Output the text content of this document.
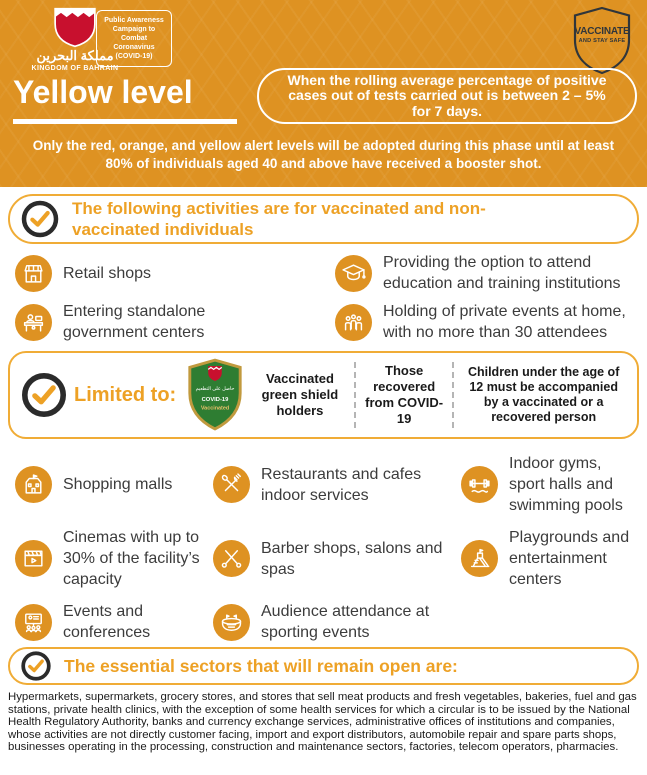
مملكة البحرين
KINGDOM OF BAHRAIN
Public Awareness Campaign to Combat Coronavirus (COVID-19)
VACCINATE
AND STAY SAFE
Yellow level	When the rolling average percentage of positive cases out of tests carried out is between 2 – 5% for 7 days.
Only the red, orange, and yellow alert levels will be adopted during this phase until at least 80% of individuals aged 40 and above have received a booster shot.
The following activities are for vaccinated and non-vaccinated individuals
Retail shops
Providing the option to attend education and training institutions
Entering standalone government centers
Holding of private events at home, with no more than 30 attendees
Limited to:	حاصل على التطعيم
COVID-19
Vaccinated
Vaccinated green shield holders
Those recovered from COVID-19
Children under the age of 12 must be accompanied by a vaccinated or a recovered person
Shopping malls
Restaurants and cafes indoor services
Indoor gyms, sport halls and swimming pools
Cinemas with up to 30% of the facility’s capacity
Barber shops, salons and spas
Playgrounds and entertainment centers
Events and conferences
Audience attendance at sporting events
The essential sectors that will remain open are:

Hypermarkets, supermarkets, grocery stores, and stores that sell meat products and fresh vegetables, bakeries, fuel and gas stations, private health clinics, with the exception of some health services for which a circular is to be issued by the National Health Regulatory Authority, banks and currency exchange services, administrative offices of institutions and companies, whose activities are not directly customer facing, import and export distributors, automobile repair and spare parts shops, businesses operating in the processing, construction and maintenance sectors, factories, telecom operators, pharmacies.
